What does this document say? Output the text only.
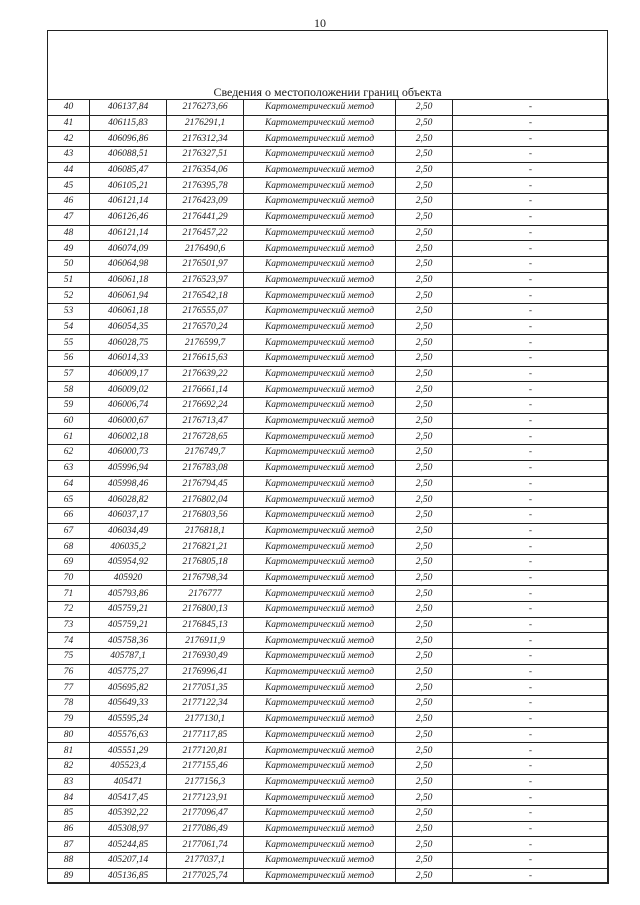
10
Сведения о местоположении границ объекта
40	406137,84	2176273,66	Картометрический метод	2,50	-
41	406115,83	2176291,1	Картометрический метод	2,50	-
42	406096,86	2176312,34	Картометрический метод	2,50	-
43	406088,51	2176327,51	Картометрический метод	2,50	-
44	406085,47	2176354,06	Картометрический метод	2,50	-
45	406105,21	2176395,78	Картометрический метод	2,50	-
46	406121,14	2176423,09	Картометрический метод	2,50	-
47	406126,46	2176441,29	Картометрический метод	2,50	-
48	406121,14	2176457,22	Картометрический метод	2,50	-
49	406074,09	2176490,6	Картометрический метод	2,50	-
50	406064,98	2176501,97	Картометрический метод	2,50	-
51	406061,18	2176523,97	Картометрический метод	2,50	-
52	406061,94	2176542,18	Картометрический метод	2,50	-
53	406061,18	2176555,07	Картометрический метод	2,50	-
54	406054,35	2176570,24	Картометрический метод	2,50	-
55	406028,75	2176599,7	Картометрический метод	2,50	-
56	406014,33	2176615,63	Картометрический метод	2,50	-
57	406009,17	2176639,22	Картометрический метод	2,50	-
58	406009,02	2176661,14	Картометрический метод	2,50	-
59	406006,74	2176692,24	Картометрический метод	2,50	-
60	406000,67	2176713,47	Картометрический метод	2,50	-
61	406002,18	2176728,65	Картометрический метод	2,50	-
62	406000,73	2176749,7	Картометрический метод	2,50	-
63	405996,94	2176783,08	Картометрический метод	2,50	-
64	405998,46	2176794,45	Картометрический метод	2,50	-
65	406028,82	2176802,04	Картометрический метод	2,50	-
66	406037,17	2176803,56	Картометрический метод	2,50	-
67	406034,49	2176818,1	Картометрический метод	2,50	-
68	406035,2	2176821,21	Картометрический метод	2,50	-
69	405954,92	2176805,18	Картометрический метод	2,50	-
70	405920	2176798,34	Картометрический метод	2,50	-
71	405793,86	2176777	Картометрический метод	2,50	-
72	405759,21	2176800,13	Картометрический метод	2,50	-
73	405759,21	2176845,13	Картометрический метод	2,50	-
74	405758,36	2176911,9	Картометрический метод	2,50	-
75	405787,1	2176930,49	Картометрический метод	2,50	-
76	405775,27	2176996,41	Картометрический метод	2,50	-
77	405695,82	2177051,35	Картометрический метод	2,50	-
78	405649,33	2177122,34	Картометрический метод	2,50	-
79	405595,24	2177130,1	Картометрический метод	2,50	-
80	405576,63	2177117,85	Картометрический метод	2,50	-
81	405551,29	2177120,81	Картометрический метод	2,50	-
82	405523,4	2177155,46	Картометрический метод	2,50	-
83	405471	2177156,3	Картометрический метод	2,50	-
84	405417,45	2177123,91	Картометрический метод	2,50	-
85	405392,22	2177096,47	Картометрический метод	2,50	-
86	405308,97	2177086,49	Картометрический метод	2,50	-
87	405244,85	2177061,74	Картометрический метод	2,50	-
88	405207,14	2177037,1	Картометрический метод	2,50	-
89	405136,85	2177025,74	Картометрический метод	2,50	-
